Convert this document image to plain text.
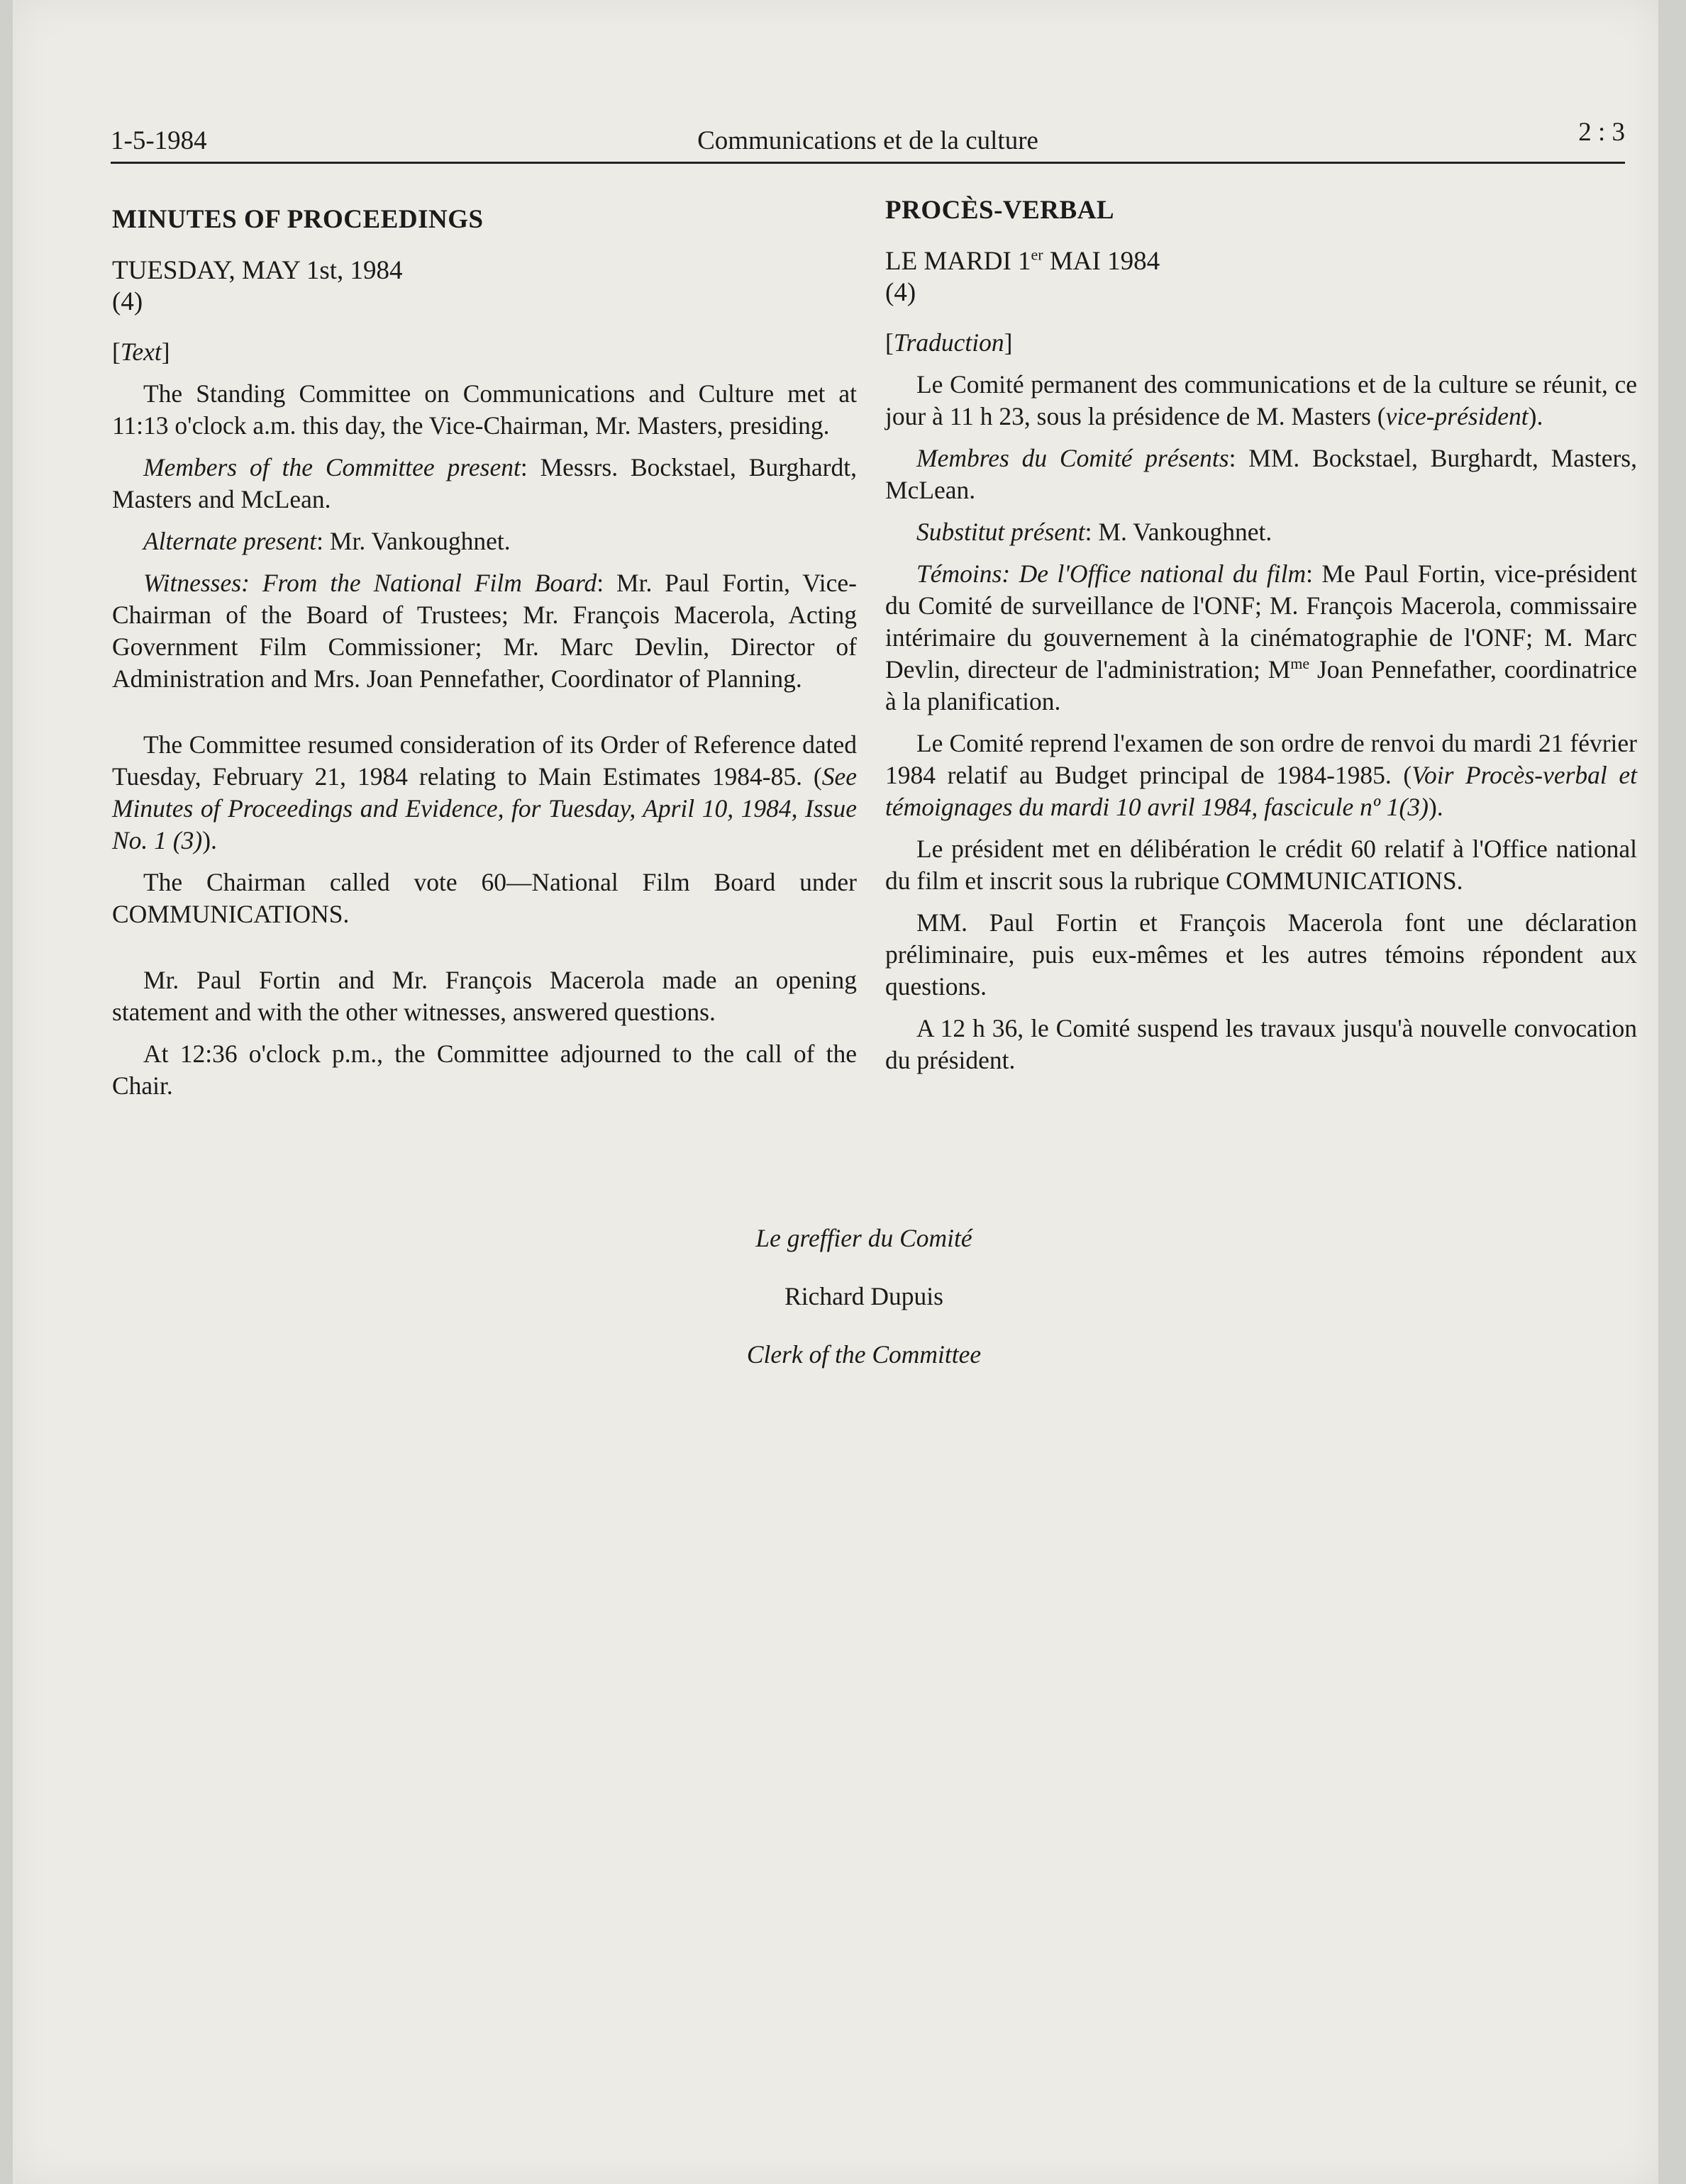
1-5-1984	Communications et de la culture	2 : 3
MINUTES OF PROCEEDINGS
TUESDAY, MAY 1st, 1984
(4)
[Text]

The Standing Committee on Communications and Culture met at 11:13 o'clock a.m. this day, the Vice-Chairman, Mr. Masters, presiding.

Members of the Committee present: Messrs. Bockstael, Burghardt, Masters and McLean.

Alternate present: Mr. Vankoughnet.

Witnesses: From the National Film Board: Mr. Paul Fortin, Vice-Chairman of the Board of Trustees; Mr. François Macerola, Acting Government Film Commissioner; Mr. Marc Devlin, Director of Administration and Mrs. Joan Pennefather, Coordinator of Planning.

The Committee resumed consideration of its Order of Reference dated Tuesday, February 21, 1984 relating to Main Estimates 1984-85. (See Minutes of Proceedings and Evidence, for Tuesday, April 10, 1984, Issue No. 1 (3)).

The Chairman called vote 60—National Film Board under COMMUNICATIONS.

Mr. Paul Fortin and Mr. François Macerola made an opening statement and with the other witnesses, answered questions.

At 12:36 o'clock p.m., the Committee adjourned to the call of the Chair.

PROCÈS-VERBAL
LE MARDI 1er MAI 1984
(4)
[Traduction]

Le Comité permanent des communications et de la culture se réunit, ce jour à 11 h 23, sous la présidence de M. Masters (vice-président).

Membres du Comité présents: MM. Bockstael, Burghardt, Masters, McLean.

Substitut présent: M. Vankoughnet.

Témoins: De l'Office national du film: Me Paul Fortin, vice-président du Comité de surveillance de l'ONF; M. François Macerola, commissaire intérimaire du gouvernement à la cinématographie de l'ONF; M. Marc Devlin, directeur de l'administration; $M^{me}$ Joan Pennefather, coordinatrice à la planification.

Le Comité reprend l'examen de son ordre de renvoi du mardi 21 février 1984 relatif au Budget principal de 1984-1985. (Voir Procès-verbal et témoignages du mardi 10 avril 1984, fascicule nº 1(3)).

Le président met en délibération le crédit 60 relatif à l'Office national du film et inscrit sous la rubrique COMMUNICATIONS.

MM. Paul Fortin et François Macerola font une déclaration préliminaire, puis eux-mêmes et les autres témoins répondent aux questions.

A 12 h 36, le Comité suspend les travaux jusqu'à nouvelle convocation du président.

Le greffier du Comité
Richard Dupuis
Clerk of the Committee
